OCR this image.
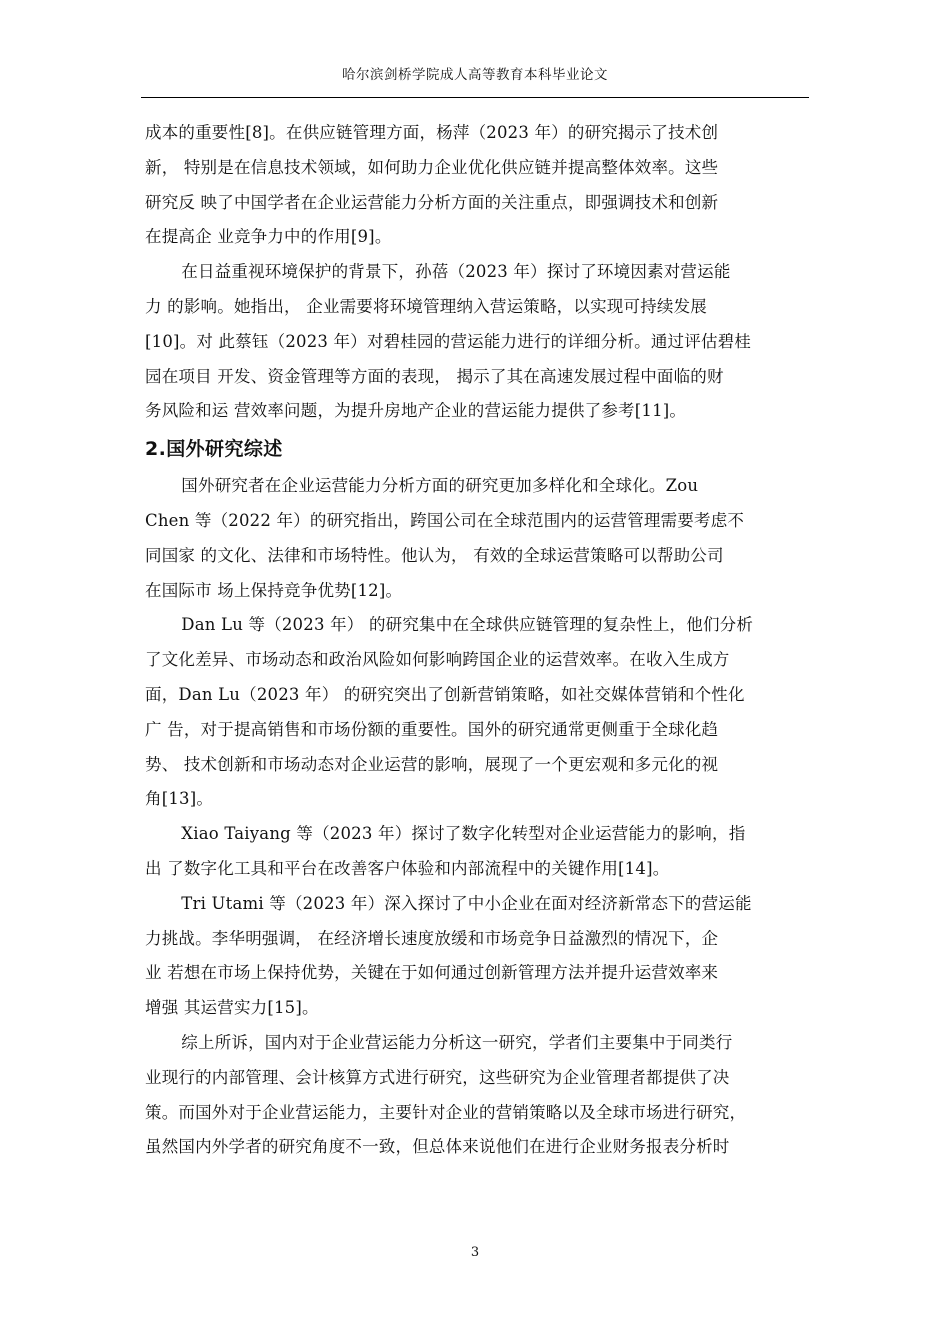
哈尔滨剑桥学院成人高等教育本科毕业论文

成本的重要性[8]。在供应链管理方面，杨萍（2023 年）的研究揭示了技术创
新， 特别是在信息技术领域，如何助力企业优化供应链并提高整体效率。这些
研究反 映了中国学者在企业运营能力分析方面的关注重点，即强调技术和创新
在提高企 业竞争力中的作用[9]。

在日益重视环境保护的背景下，孙蓓（2023 年）探讨了环境因素对营运能
力 的影响。她指出， 企业需要将环境管理纳入营运策略，以实现可持续发展
[10]。对 此蔡钰（2023 年）对碧桂园的营运能力进行的详细分析。通过评估碧桂
园在项目 开发、资金管理等方面的表现， 揭示了其在高速发展过程中面临的财
务风险和运 营效率问题，为提升房地产企业的营运能力提供了参考[11]。

2.国外研究综述

国外研究者在企业运营能力分析方面的研究更加多样化和全球化。Zou
Chen 等（2022 年）的研究指出，跨国公司在全球范围内的运营管理需要考虑不
同国家 的文化、法律和市场特性。他认为， 有效的全球运营策略可以帮助公司
在国际市 场上保持竞争优势[12]。

Dan Lu 等（2023 年） 的研究集中在全球供应链管理的复杂性上，他们分析
了文化差异、市场动态和政治风险如何影响跨国企业的运营效率。在收入生成方
面，Dan Lu（2023 年） 的研究突出了创新营销策略，如社交媒体营销和个性化
广 告，对于提高销售和市场份额的重要性。国外的研究通常更侧重于全球化趋
势、 技术创新和市场动态对企业运营的影响，展现了一个更宏观和多元化的视
角[13]。

Xiao Taiyang 等（2023 年）探讨了数字化转型对企业运营能力的影响，指
出 了数字化工具和平台在改善客户体验和内部流程中的关键作用[14]。

Tri Utami 等（2023 年）深入探讨了中小企业在面对经济新常态下的营运能
力挑战。李华明强调， 在经济增长速度放缓和市场竞争日益激烈的情况下，企
业 若想在市场上保持优势，关键在于如何通过创新管理方法并提升运营效率来
增强 其运营实力[15]。

综上所诉，国内对于企业营运能力分析这一研究，学者们主要集中于同类行
业现行的内部管理、会计核算方式进行研究，这些研究为企业管理者都提供了决
策。而国外对于企业营运能力，主要针对企业的营销策略以及全球市场进行研究，
虽然国内外学者的研究角度不一致，但总体来说他们在进行企业财务报表分析时

3
